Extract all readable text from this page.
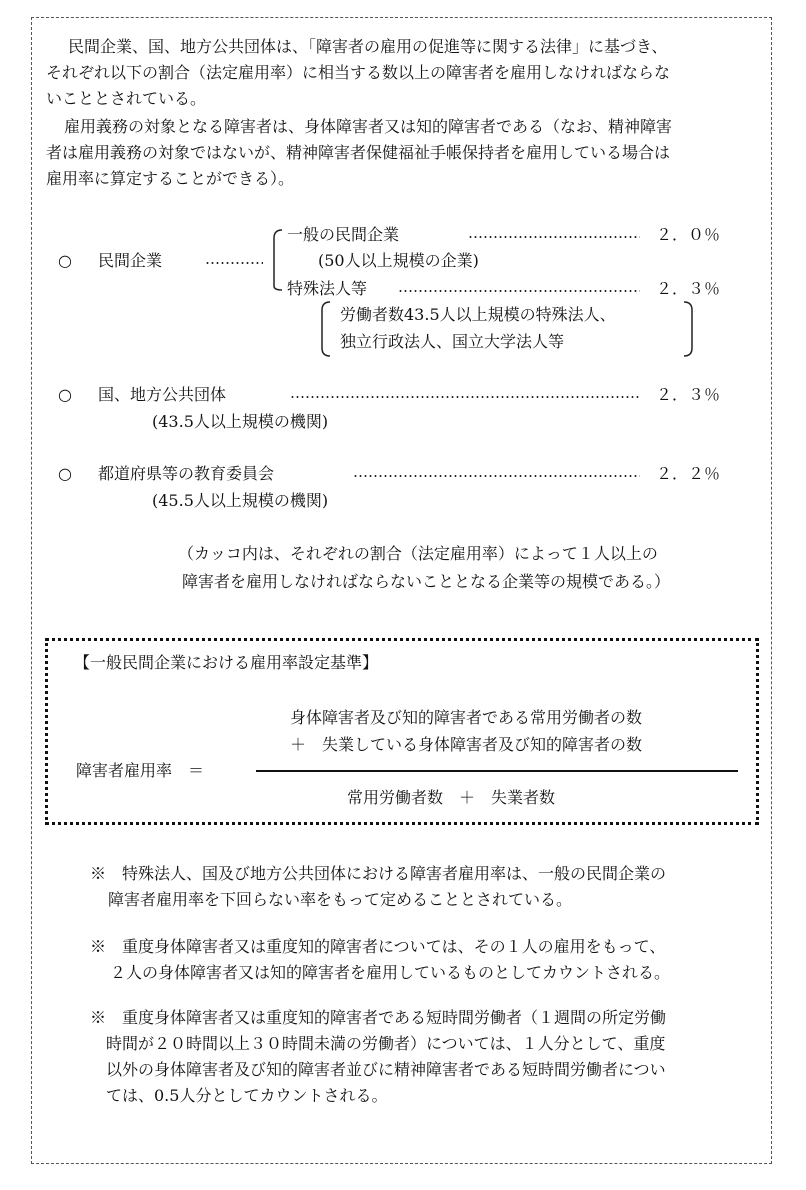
民間企業、国、地方公共団体は、「障害者の雇用の促進等に関する法律」に基づき、

それぞれ以下の割合（法定雇用率）に相当する数以上の障害者を雇用しなければならな

いこととされている。

雇用義務の対象となる障害者は、身体障害者又は知的障害者である（なお、精神障害

者は雇用義務の対象ではないが、精神障害者保健福祉手帳保持者を雇用している場合は

雇用率に算定することができる）。

○ 民間企業
一般の民間企業	２．０％
(50人以上規模の企業)
特殊法人等	２．３％
労働者数43.5人以上規模の特殊法人、
独立行政法人、国立大学法人等
○ 国、地方公共団体	２．３％
(43.5人以上規模の機関)
○ 都道府県等の教育委員会	２．２％
(45.5人以上規模の機関)
（カッコ内は、それぞれの割合（法定雇用率）によって１人以上の
障害者を雇用しなければならないこととなる企業等の規模である。）
【一般民間企業における雇用率設定基準】
身体障害者及び知的障害者である常用労働者の数
＋　失業している身体障害者及び知的障害者の数
障害者雇用率　＝
常用労働者数　＋　失業者数

※　特殊法人、国及び地方公共団体における障害者雇用率は、一般の民間企業の

障害者雇用率を下回らない率をもって定めることとされている。

※　重度身体障害者又は重度知的障害者については、その１人の雇用をもって、

２人の身体障害者又は知的障害者を雇用しているものとしてカウントされる。

※　重度身体障害者又は重度知的障害者である短時間労働者（１週間の所定労働

時間が２０時間以上３０時間未満の労働者）については、１人分として、重度

以外の身体障害者及び知的障害者並びに精神障害者である短時間労働者につい

ては、0.5人分としてカウントされる。
